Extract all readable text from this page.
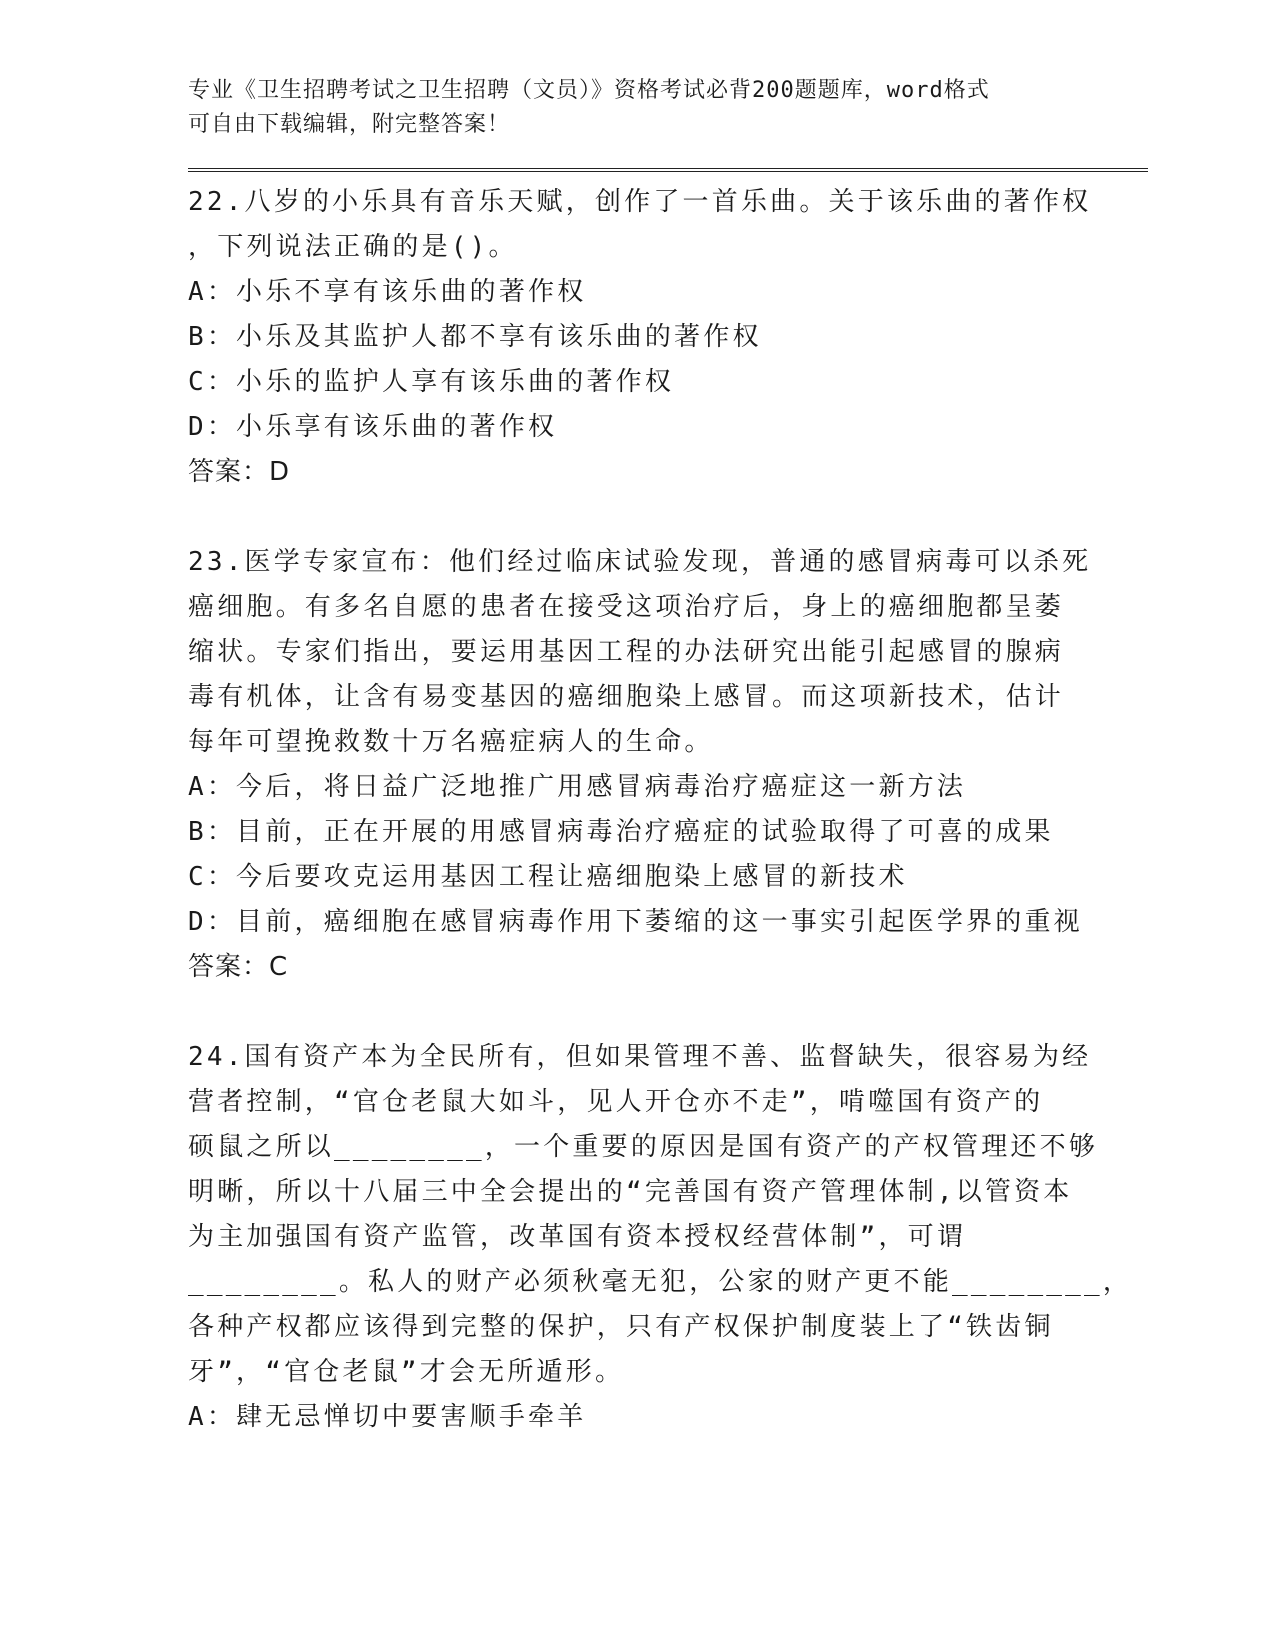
专业《卫生招聘考试之卫生招聘（文员）》资格考试必背200题题库，word格式

可自由下载编辑，附完整答案！

22.八岁的小乐具有音乐天赋，创作了一首乐曲。关于该乐曲的著作权

，下列说法正确的是()。

A：小乐不享有该乐曲的著作权

B：小乐及其监护人都不享有该乐曲的著作权

C：小乐的监护人享有该乐曲的著作权

D：小乐享有该乐曲的著作权

答案：D

23.医学专家宣布：他们经过临床试验发现，普通的感冒病毒可以杀死

癌细胞。有多名自愿的患者在接受这项治疗后，身上的癌细胞都呈萎

缩状。专家们指出，要运用基因工程的办法研究出能引起感冒的腺病

毒有机体，让含有易变基因的癌细胞染上感冒。而这项新技术，估计

每年可望挽救数十万名癌症病人的生命。

A：今后，将日益广泛地推广用感冒病毒治疗癌症这一新方法

B：目前，正在开展的用感冒病毒治疗癌症的试验取得了可喜的成果

C：今后要攻克运用基因工程让癌细胞染上感冒的新技术

D：目前，癌细胞在感冒病毒作用下萎缩的这一事实引起医学界的重视

答案：C

24.国有资产本为全民所有，但如果管理不善、监督缺失，很容易为经

营者控制，“官仓老鼠大如斗，见人开仓亦不走”，啃噬国有资产的

硕鼠之所以________，一个重要的原因是国有资产的产权管理还不够

明晰，所以十八届三中全会提出的“完善国有资产管理体制,以管资本

为主加强国有资产监管，改革国有资本授权经营体制”，可谓

________。私人的财产必须秋毫无犯，公家的财产更不能________，

各种产权都应该得到完整的保护，只有产权保护制度装上了“铁齿铜

牙”，“官仓老鼠”才会无所遁形。

A：肆无忌惮切中要害顺手牵羊
